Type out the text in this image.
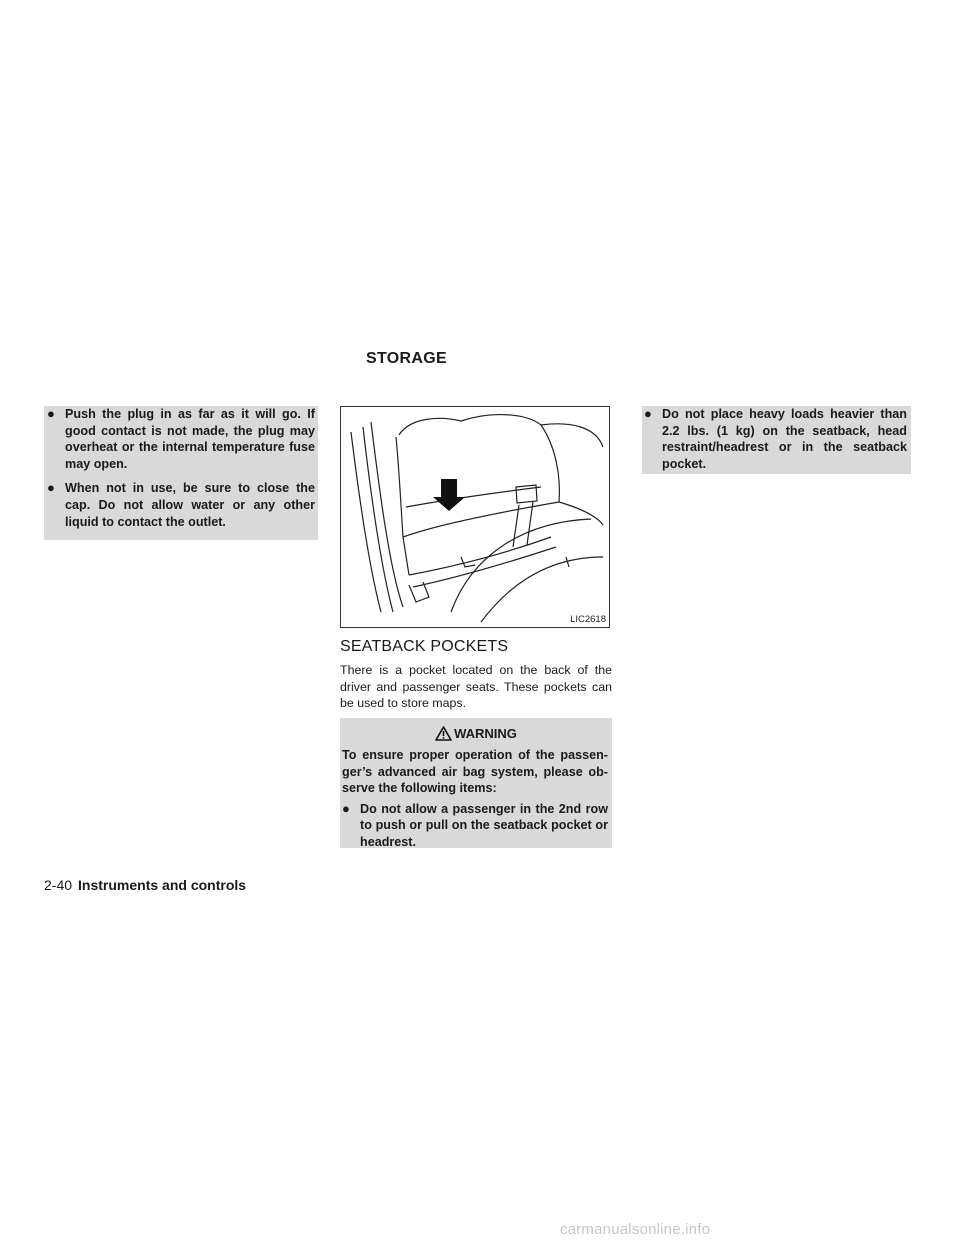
STORAGE
● Push the plug in as far as it will go. If good contact is not made, the plug may overheat or the internal temperature fuse may open.
● When not in use, be sure to close the cap. Do not allow water or any other liquid to contact the outlet.
LIC2618
SEATBACK POCKETS
There is a pocket located on the back of the driver and passenger seats. These pockets can be used to store maps.
WARNING
To ensure proper operation of the passen- ger’s advanced air bag system, please ob- serve the following items:
● Do not allow a passenger in the 2nd row to push or pull on the seatback pocket or headrest.
● Do not place heavy loads heavier than 2.2 lbs. (1 kg) on the seatback, head restraint/headrest or in the seatback pocket.
2-40 Instruments and controls
carmanualsonline.info
